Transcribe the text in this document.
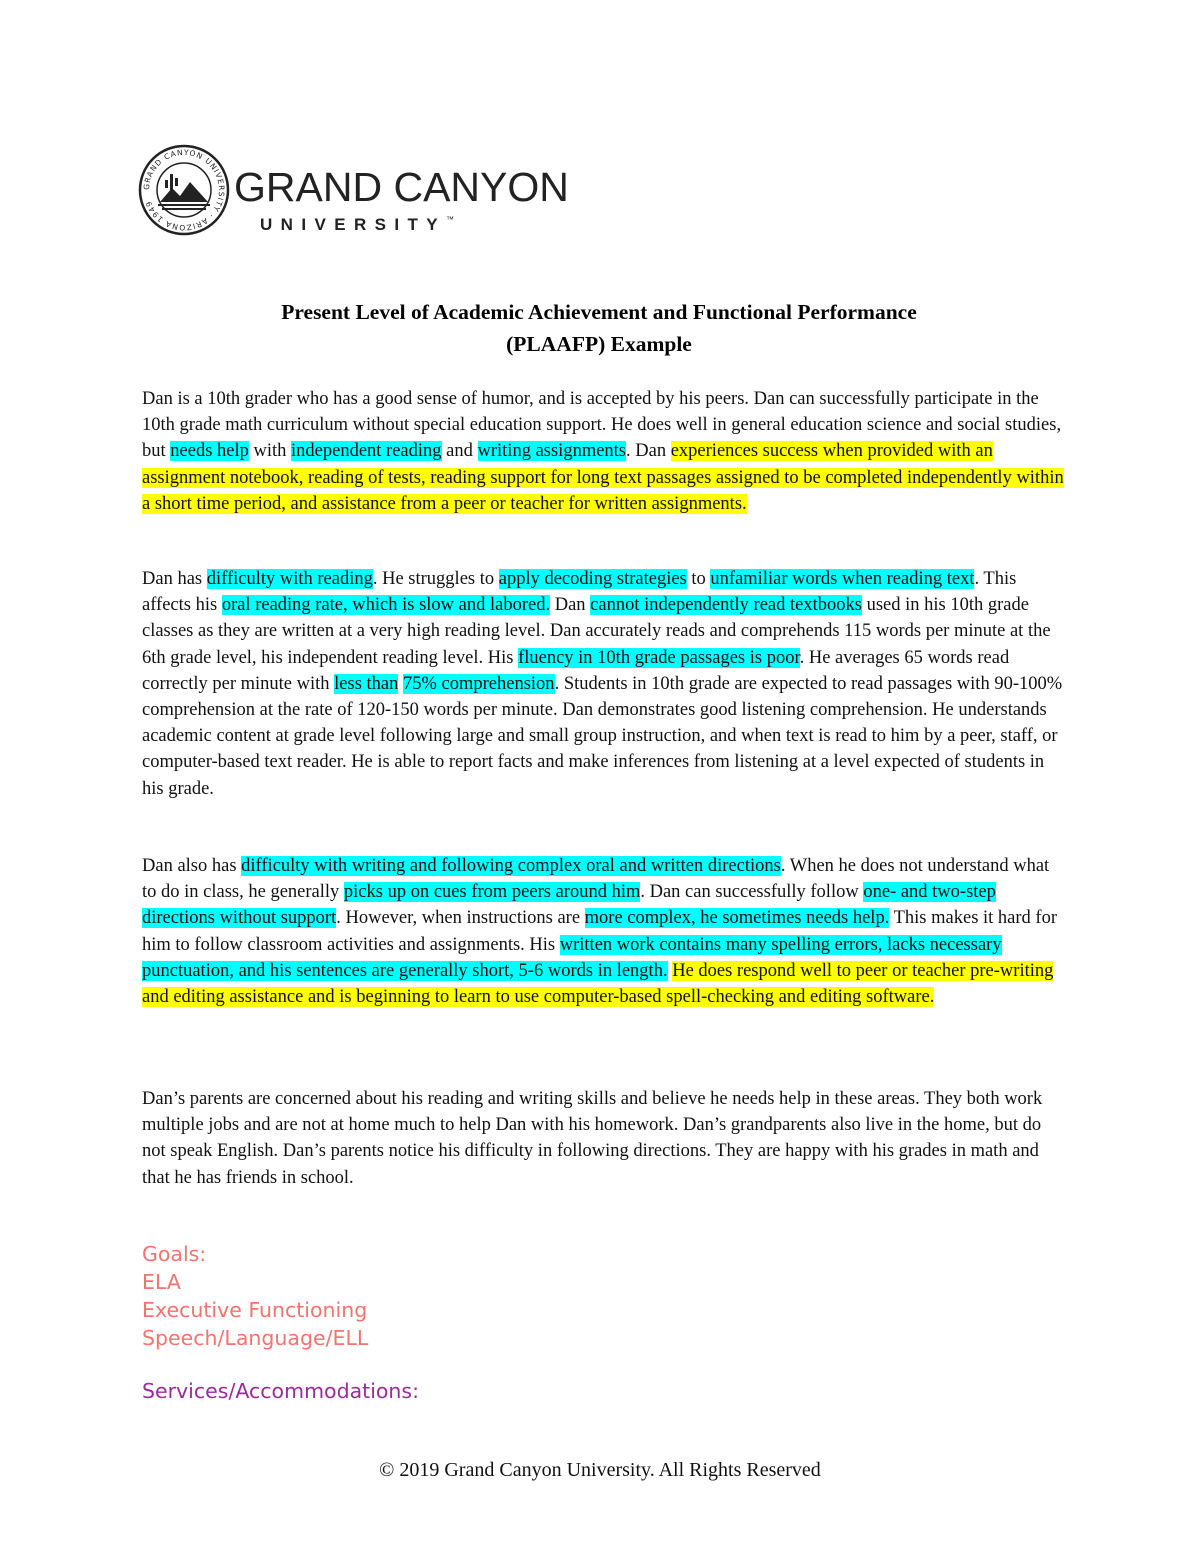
GRAND CANYON UNIVERSITY · ARIZONA 1949	GRAND CANYON
UNIVERSITY™
Present Level of Academic Achievement and Functional Performance
(PLAAFP) Example

Dan is a 10th grader who has a good sense of humor, and is accepted by his peers. Dan can successfully participate in the 10th grade math curriculum without special education support. He does well in general education science and social studies, but needs help with independent reading and writing assignments. Dan experiences success when provided with an assignment notebook, reading of tests, reading support for long text passages assigned to be completed independently within a short time period, and assistance from a peer or teacher for written assignments.

Dan has difficulty with reading. He struggles to apply decoding strategies to unfamiliar words when reading text. This affects his oral reading rate, which is slow and labored. Dan cannot independently read textbooks used in his 10th grade classes as they are written at a very high reading level. Dan accurately reads and comprehends 115 words per minute at the 6th grade level, his independent reading level. His fluency in 10th grade passages is poor. He averages 65 words read correctly per minute with less than 75% comprehension. Students in 10th grade are expected to read passages with 90-100% comprehension at the rate of 120-150 words per minute. Dan demonstrates good listening comprehension. He understands academic content at grade level following large and small group instruction, and when text is read to him by a peer, staff, or computer-based text reader. He is able to report facts and make inferences from listening at a level expected of students in his grade.

Dan also has difficulty with writing and following complex oral and written directions. When he does not understand what to do in class, he generally picks up on cues from peers around him. Dan can successfully follow one- and two-step directions without support. However, when instructions are more complex, he sometimes needs help. This makes it hard for him to follow classroom activities and assignments. His written work contains many spelling errors, lacks necessary punctuation, and his sentences are generally short, 5-6 words in length. He does respond well to peer or teacher pre-writing and editing assistance and is beginning to learn to use computer-based spell-checking and editing software.

Dan’s parents are concerned about his reading and writing skills and believe he needs help in these areas. They both work multiple jobs and are not at home much to help Dan with his homework. Dan’s grandparents also live in the home, but do not speak English. Dan’s parents notice his difficulty in following directions. They are happy with his grades in math and that he has friends in school.

Goals:
ELA
Executive Functioning
Speech/Language/ELL
Services/Accommodations:
© 2019 Grand Canyon University. All Rights Reserved
